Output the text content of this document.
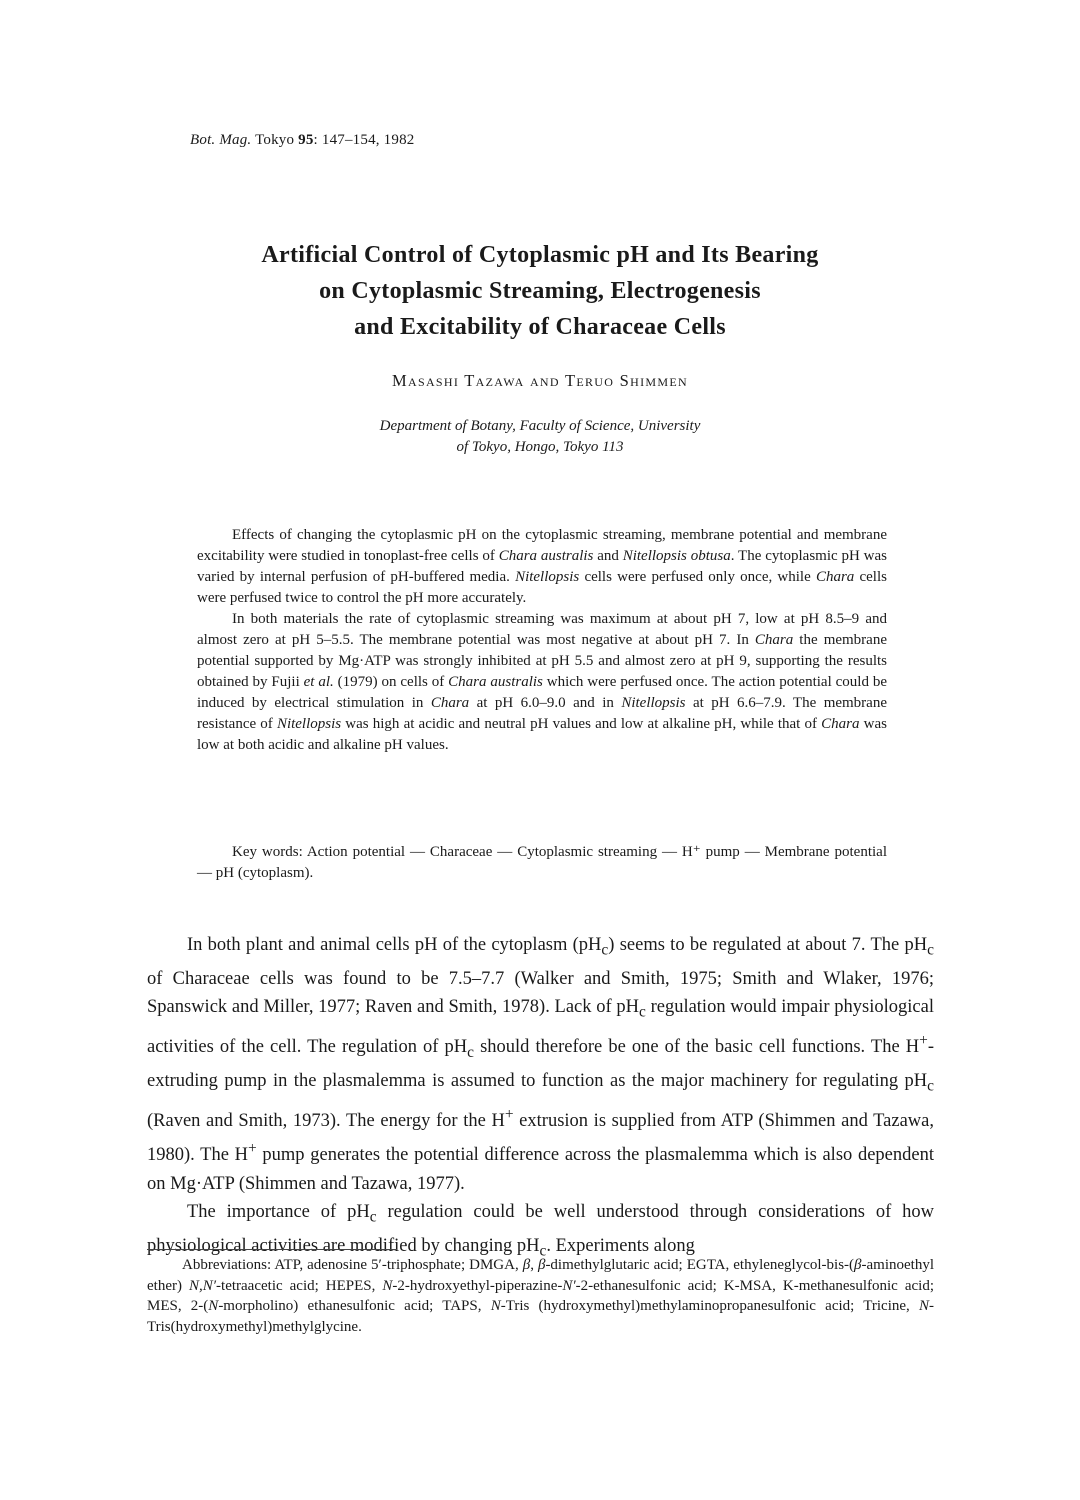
Bot. Mag. Tokyo 95: 147–154, 1982
Artificial Control of Cytoplasmic pH and Its Bearing
on Cytoplasmic Streaming, Electrogenesis
and Excitability of Characeae Cells
Masashi Tazawa and Teruo Shimmen
Department of Botany, Faculty of Science, University
of Tokyo, Hongo, Tokyo 113

Effects of changing the cytoplasmic pH on the cytoplasmic streaming, membrane potential and membrane excitability were studied in tonoplast-free cells of Chara australis and Nitellopsis obtusa. The cytoplasmic pH was varied by internal perfusion of pH-buffered media. Nitellopsis cells were perfused only once, while Chara cells were perfused twice to control the pH more accurately.

In both materials the rate of cytoplasmic streaming was maximum at about pH 7, low at pH 8.5–9 and almost zero at pH 5–5.5. The membrane potential was most negative at about pH 7. In Chara the membrane potential supported by Mg·ATP was strongly inhibited at pH 5.5 and almost zero at pH 9, supporting the results obtained by Fujii et al. (1979) on cells of Chara australis which were perfused once. The action potential could be induced by electrical stimulation in Chara at pH 6.0–9.0 and in Nitellopsis at pH 6.6–7.9. The membrane resistance of Nitellopsis was high at acidic and neutral pH values and low at alkaline pH, while that of Chara was low at both acidic and alkaline pH values.

Key words: Action potential — Characeae — Cytoplasmic streaming — H⁺ pump — Membrane potential — pH (cytoplasm).

In both plant and animal cells pH of the cytoplasm $(pH_c)$ seems to be regulated at about 7. The $pH_c$ of Characeae cells was found to be 7.5–7.7 (Walker and Smith, 1975; Smith and Wlaker, 1976; Spanswick and Miller, 1977; Raven and Smith, 1978). Lack of $pH_c$ regulation would impair physiological activities of the cell. The regulation of $pH_c$ should therefore be one of the basic cell functions. The H+-extruding pump in the plasmalemma is assumed to function as the major machinery for regulating $pH_c$ (Raven and Smith, 1973). The energy for the H+ extrusion is supplied from ATP (Shimmen and Tazawa, 1980). The H+ pump generates the potential difference across the plasmalemma which is also dependent on Mg·ATP (Shimmen and Tazawa, 1977).

The importance of $pH_c$ regulation could be well understood through considerations of how physiological activities are modified by changing $pH_c$. Experiments along

Abbreviations: ATP, adenosine 5′-triphosphate; DMGA, β, β-dimethylglutaric acid; EGTA, ethyleneglycol-bis-(β-aminoethyl ether) N,N′-tetraacetic acid; HEPES, N-2-hydroxyethyl-piperazine-N′-2-ethanesulfonic acid; K-MSA, K-methanesulfonic acid; MES, 2-(N-morpholino) ethanesulfonic acid; TAPS, N-Tris (hydroxymethyl)methylaminopropanesulfonic acid; Tricine, N-Tris(hydroxymethyl)methylglycine.
